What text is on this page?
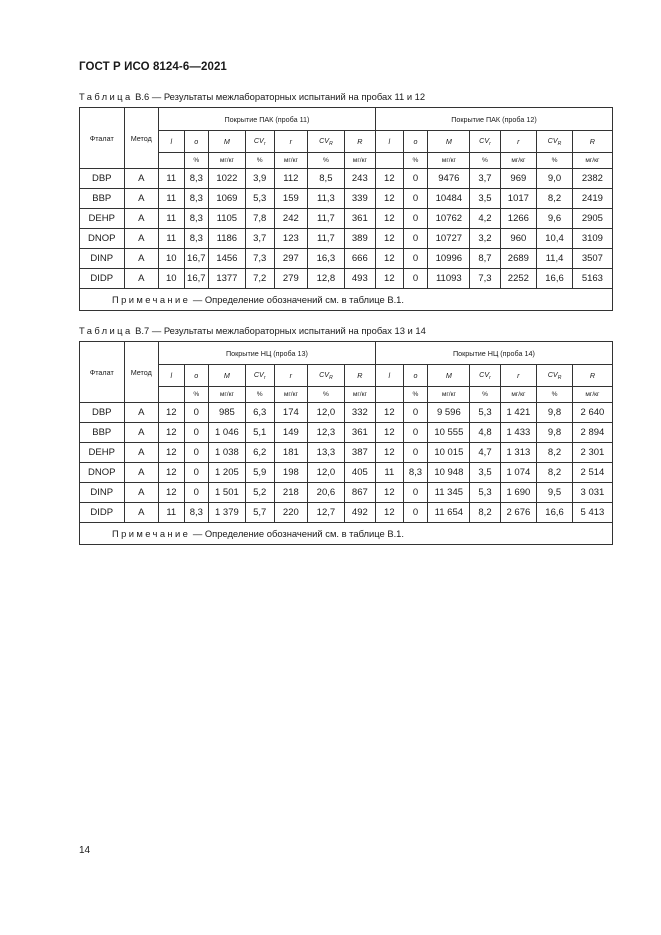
ГОСТ Р ИСО 8124-6—2021
Таблица В.6 — Результаты межлабораторных испытаний на пробах 11 и 12
Фталат	Метод	Покрытие ПАК (проба 11)							Покрытие ПАК (проба 12)						
		l	o	M	$CV_r$	r	$CV_R$	R	l	o	M	$CV_r$	r	$CV_R$	R
			%	мг/кг	%	мг/кг	%	мг/кг		%	мг/кг	%	мг/кг	%	мг/кг
DBP	A	11	8,3	1022	3,9	112	8,5	243	12	0	9476	3,7	969	9,0	2382
BBP	A	11	8,3	1069	5,3	159	11,3	339	12	0	10484	3,5	1017	8,2	2419
DEHP	A	11	8,3	1105	7,8	242	11,7	361	12	0	10762	4,2	1266	9,6	2905
DNOP	A	11	8,3	1186	3,7	123	11,7	389	12	0	10727	3,2	960	10,4	3109
DINP	A	10	16,7	1456	7,3	297	16,3	666	12	0	10996	8,7	2689	11,4	3507
DIDP	A	10	16,7	1377	7,2	279	12,8	493	12	0	11093	7,3	2252	16,6	5163
Примечание — Определение обозначений см. в таблице В.1.															
Таблица В.7 — Результаты межлабораторных испытаний на пробах 13 и 14
Фталат	Метод	Покрытие НЦ (проба 13)							Покрытие НЦ (проба 14)						
		l	o	M	$CV_r$	r	$CV_R$	R	l	o	M	$CV_r$	r	$CV_R$	R
			%	мг/кг	%	мг/кг	%	мг/кг		%	мг/кг	%	мг/кг	%	мг/кг
DBP	A	12	0	985	6,3	174	12,0	332	12	0	9 596	5,3	1 421	9,8	2 640
BBP	A	12	0	1 046	5,1	149	12,3	361	12	0	10 555	4,8	1 433	9,8	2 894
DEHP	A	12	0	1 038	6,2	181	13,3	387	12	0	10 015	4,7	1 313	8,2	2 301
DNOP	A	12	0	1 205	5,9	198	12,0	405	11	8,3	10 948	3,5	1 074	8,2	2 514
DINP	A	12	0	1 501	5,2	218	20,6	867	12	0	11 345	5,3	1 690	9,5	3 031
DIDP	A	11	8,3	1 379	5,7	220	12,7	492	12	0	11 654	8,2	2 676	16,6	5 413
Примечание — Определение обозначений см. в таблице В.1.															
14
